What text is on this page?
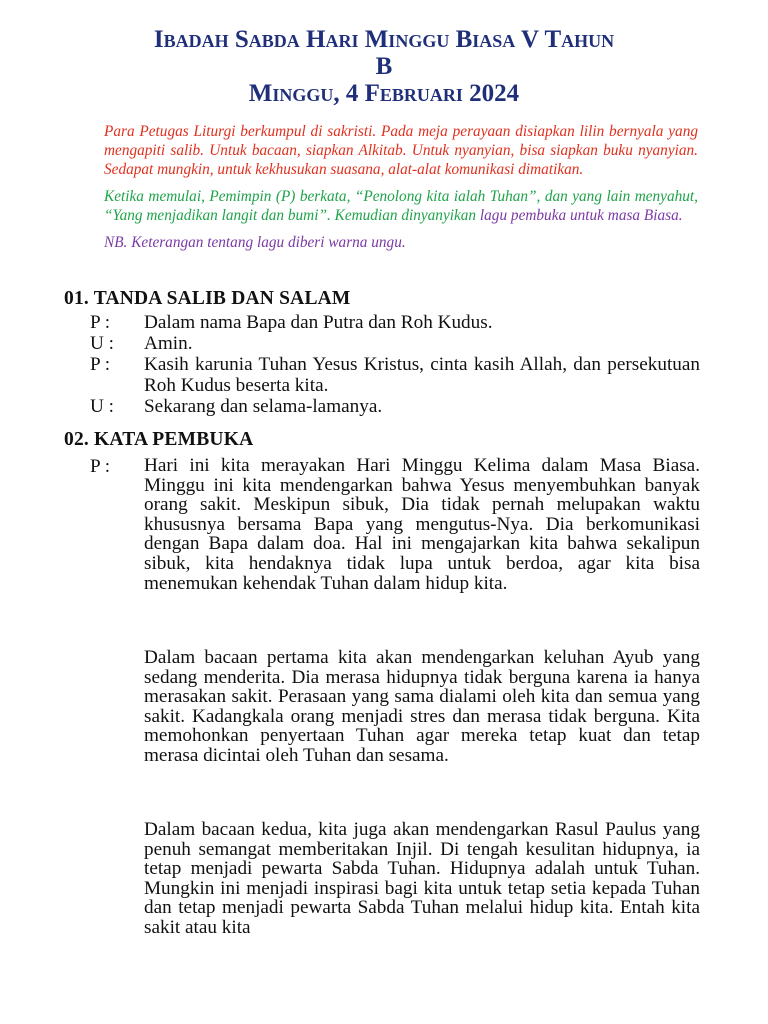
Ibadah Sabda Hari Minggu Biasa V Tahun
B
Minggu, 4 Februari 2024

Para Petugas Liturgi berkumpul di sakristi. Pada meja perayaan disiapkan lilin bernyala yang mengapiti salib. Untuk bacaan, siapkan Alkitab. Untuk nyanyian, bisa siapkan buku nyanyian. Sedapat mungkin, untuk kekhusukan suasana, alat-alat komunikasi dimatikan.

Ketika memulai, Pemimpin (P) berkata, “Penolong kita ialah Tuhan”, dan yang lain menyahut, “Yang menjadikan langit dan bumi”. Kemudian dinyanyikan lagu pembuka untuk masa Biasa.

NB. Keterangan tentang lagu diberi warna ungu.

01. TANDA SALIB DAN SALAM
P :	Dalam nama Bapa dan Putra dan Roh Kudus.
U :	Amin.
P :	Kasih karunia Tuhan Yesus Kristus, cinta kasih Allah, dan persekutuan Roh Kudus beserta kita.
U :	Sekarang dan selama-lamanya.
02. KATA PEMBUKA
P :	Hari ini kita merayakan Hari Minggu Kelima dalam Masa Biasa. Minggu ini kita mendengarkan bahwa Yesus menyembuhkan banyak orang sakit. Meskipun sibuk, Dia tidak pernah melupakan waktu khususnya bersama Bapa yang mengutus-Nya. Dia berkomunikasi dengan Bapa dalam doa. Hal ini mengajarkan kita bahwa sekalipun sibuk, kita hendaknya tidak lupa untuk berdoa, agar kita bisa menemukan kehendak Tuhan dalam hidup kita.
Dalam bacaan pertama kita akan mendengarkan keluhan Ayub yang sedang menderita. Dia merasa hidupnya tidak berguna karena ia hanya merasakan sakit. Perasaan yang sama dialami oleh kita dan semua yang sakit. Kadangkala orang menjadi stres dan merasa tidak berguna. Kita memohonkan penyertaan Tuhan agar mereka tetap kuat dan tetap merasa dicintai oleh Tuhan dan sesama.
Dalam bacaan kedua, kita juga akan mendengarkan Rasul Paulus yang penuh semangat memberitakan Injil. Di tengah kesulitan hidupnya, ia tetap menjadi pewarta Sabda Tuhan. Hidupnya adalah untuk Tuhan. Mungkin ini menjadi inspirasi bagi kita untuk tetap setia kepada Tuhan dan tetap menjadi pewarta Sabda Tuhan melalui hidup kita. Entah kita sakit atau kita
